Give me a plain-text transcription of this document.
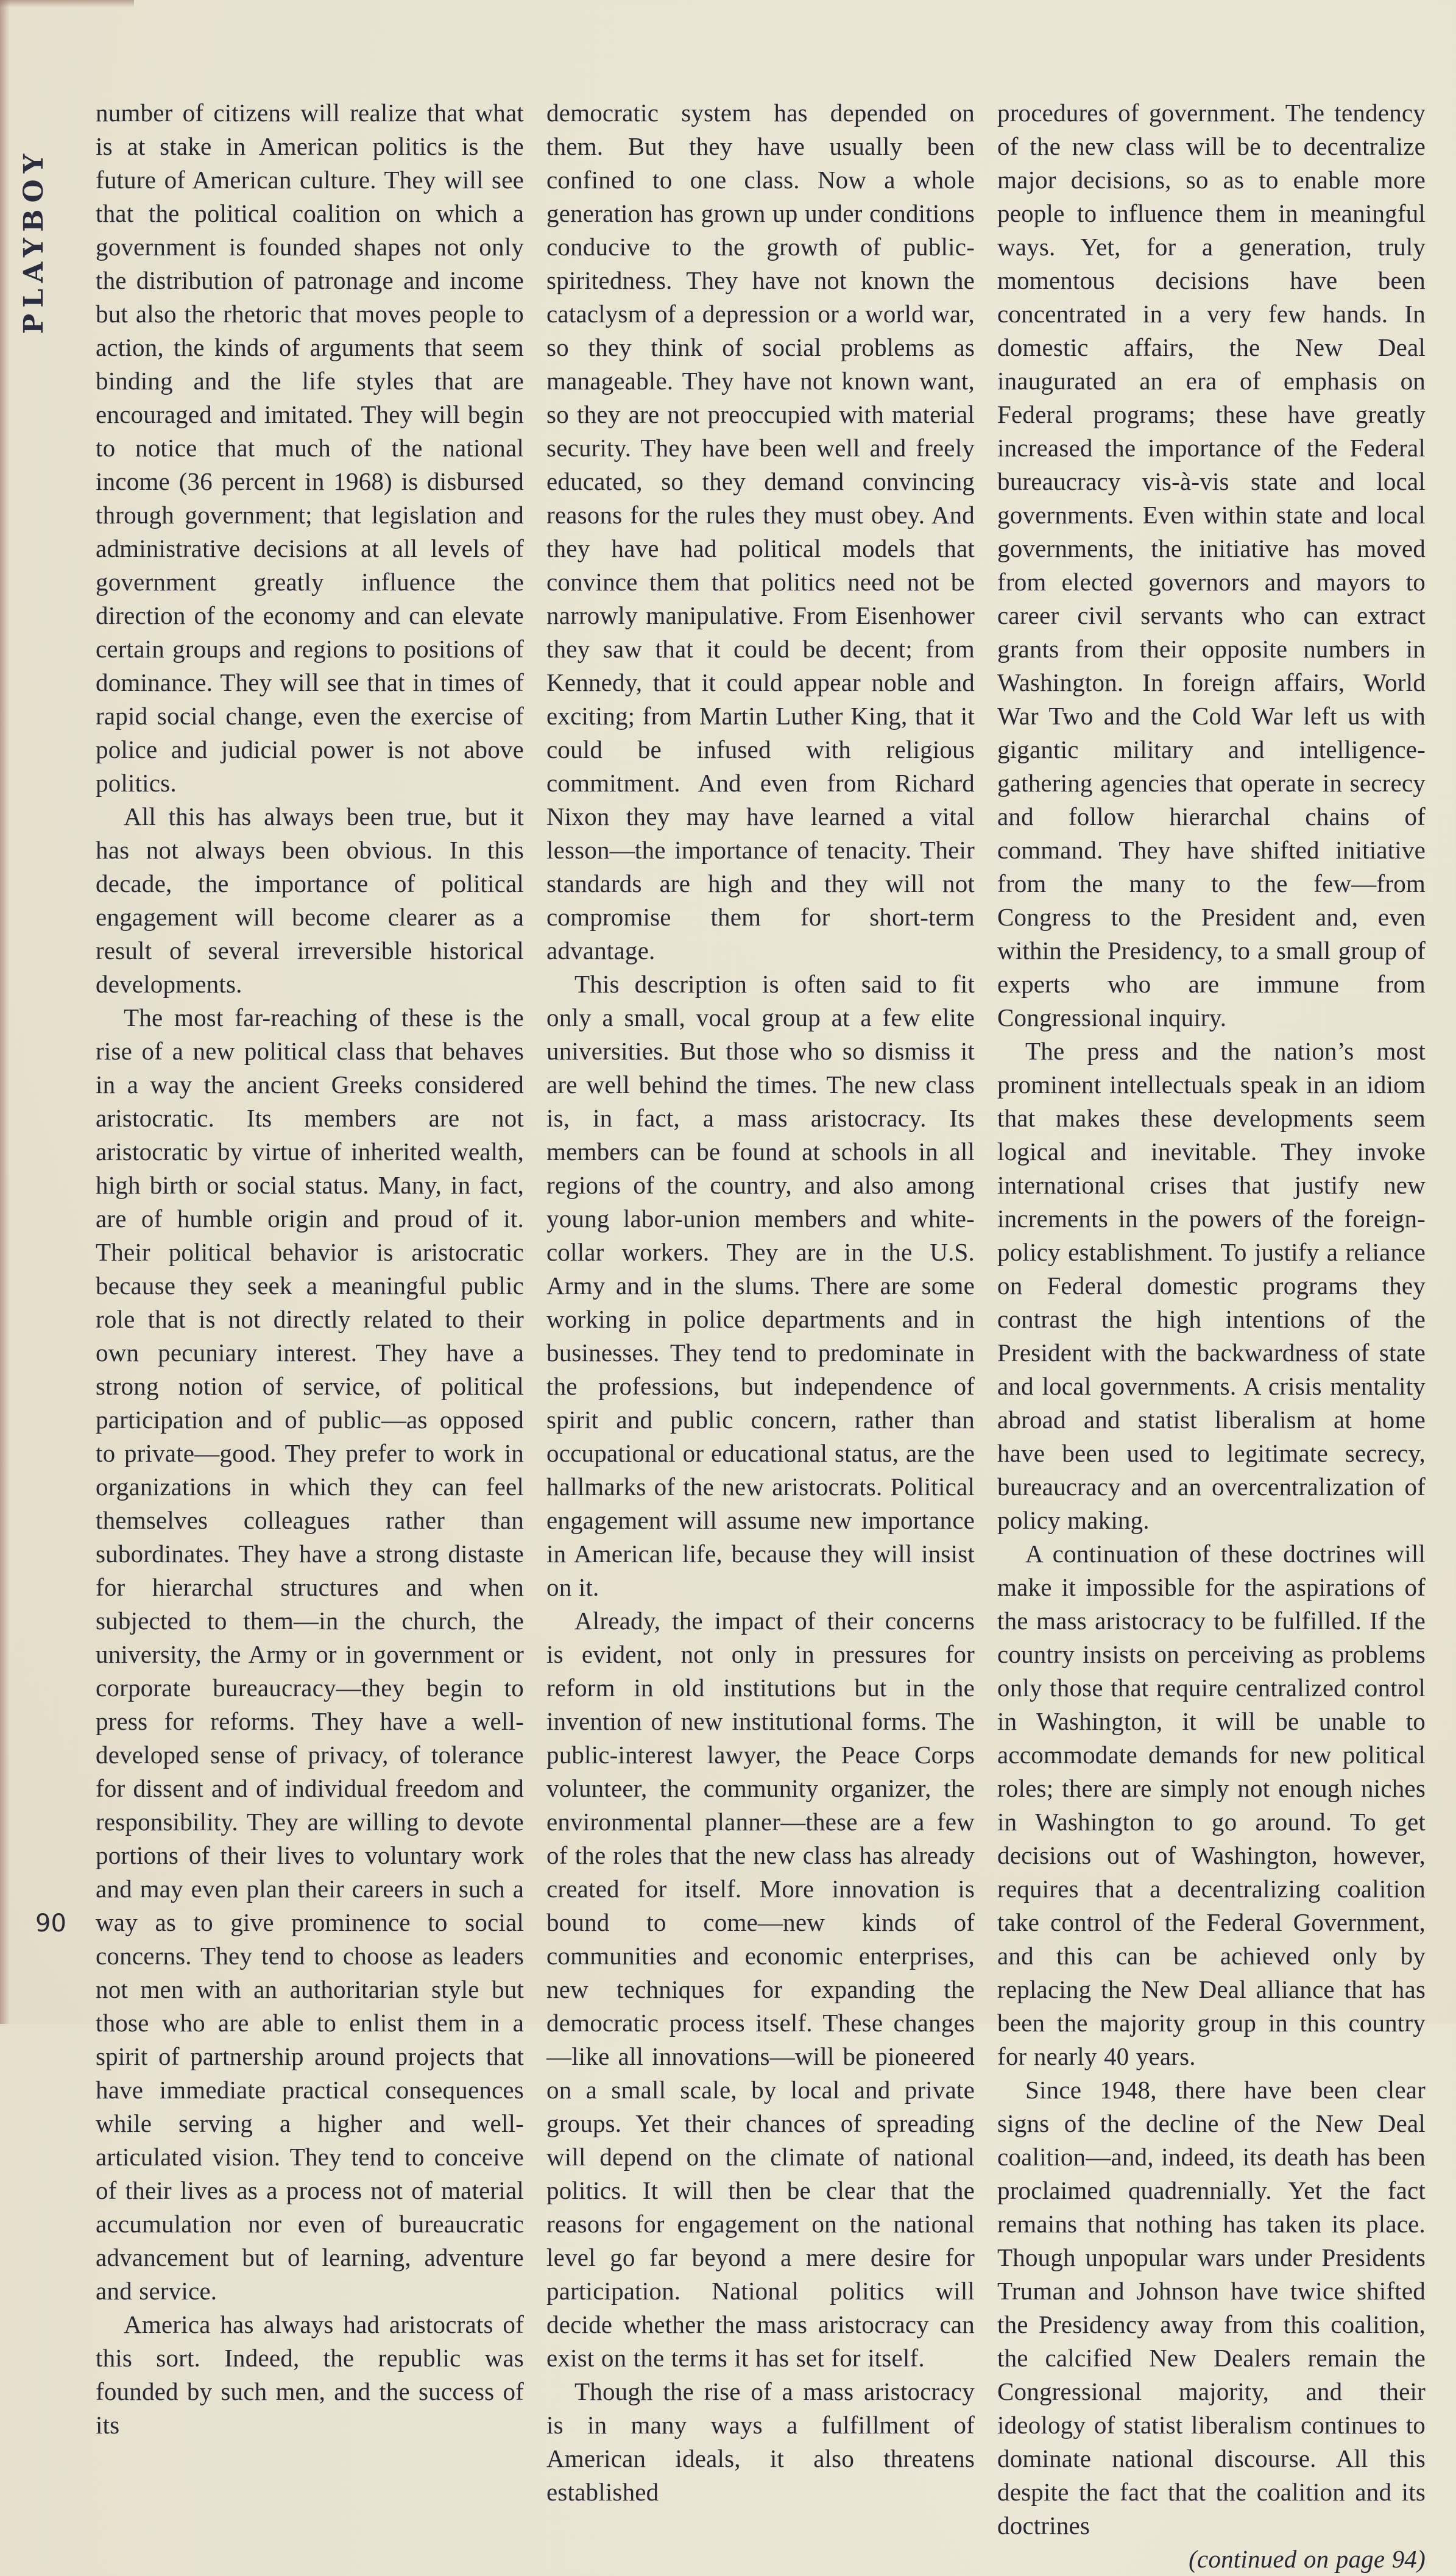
PLAYBOY
90

number of citizens will realize that what is at stake in American politics is the future of American culture. They will see that the political coalition on which a government is founded shapes not only the distribution of patronage and income but also the rhetoric that moves people to action, the kinds of arguments that seem binding and the life styles that are encouraged and imitated. They will begin to notice that much of the national income (36 percent in 1968) is disbursed through government; that legislation and administrative decisions at all levels of government greatly influence the direction of the economy and can elevate certain groups and regions to positions of dominance. They will see that in times of rapid social change, even the exercise of police and judicial power is not above politics.

All this has always been true, but it has not always been obvious. In this decade, the importance of political engagement will become clearer as a result of several irreversible historical developments.

The most far-reaching of these is the rise of a new political class that behaves in a way the ancient Greeks considered aristocratic. Its members are not aristocratic by virtue of inherited wealth, high birth or social status. Many, in fact, are of humble origin and proud of it. Their political behavior is aristocratic because they seek a meaningful public role that is not directly related to their own pecuniary interest. They have a strong notion of service, of political participation and of public—as opposed to private—good. They prefer to work in organizations in which they can feel themselves colleagues rather than subordinates. They have a strong distaste for hierarchal structures and when subjected to them—in the church, the university, the Army or in government or corporate bureaucracy—they begin to press for reforms. They have a well-developed sense of privacy, of tolerance for dissent and of individual freedom and responsibility. They are willing to devote portions of their lives to voluntary work and may even plan their careers in such a way as to give prominence to social concerns. They tend to choose as leaders not men with an authoritarian style but those who are able to enlist them in a spirit of partnership around projects that have immediate practical consequences while serving a higher and well-articulated vision. They tend to conceive of their lives as a process not of material accumulation nor even of bureaucratic advancement but of learning, adventure and service.

America has always had aristocrats of this sort. Indeed, the republic was founded by such men, and the success of its

democratic system has depended on them. But they have usually been confined to one class. Now a whole generation has grown up under conditions conducive to the growth of public-spiritedness. They have not known the cataclysm of a depression or a world war, so they think of social problems as manageable. They have not known want, so they are not preoccupied with material security. They have been well and freely educated, so they demand convincing reasons for the rules they must obey. And they have had political models that convince them that politics need not be narrowly manipulative. From Eisenhower they saw that it could be decent; from Kennedy, that it could appear noble and exciting; from Martin Luther King, that it could be infused with religious commitment. And even from Richard Nixon they may have learned a vital lesson—the importance of tenacity. Their standards are high and they will not compromise them for short-term advantage.

This description is often said to fit only a small, vocal group at a few elite universities. But those who so dismiss it are well behind the times. The new class is, in fact, a mass aristocracy. Its members can be found at schools in all regions of the country, and also among young labor-union members and white-collar workers. They are in the U.S. Army and in the slums. There are some working in police departments and in businesses. They tend to predominate in the professions, but independence of spirit and public concern, rather than occupational or educational status, are the hallmarks of the new aristocrats. Political engagement will assume new importance in American life, because they will insist on it.

Already, the impact of their concerns is evident, not only in pressures for reform in old institutions but in the invention of new institutional forms. The public-interest lawyer, the Peace Corps volunteer, the community organizer, the environmental planner—these are a few of the roles that the new class has already created for itself. More innovation is bound to come—new kinds of communities and economic enterprises, new techniques for expanding the democratic process itself. These changes—like all innovations—will be pioneered on a small scale, by local and private groups. Yet their chances of spreading will depend on the climate of national politics. It will then be clear that the reasons for engagement on the national level go far beyond a mere desire for participation. National politics will decide whether the mass aristocracy can exist on the terms it has set for itself.

Though the rise of a mass aristocracy is in many ways a fulfillment of American ideals, it also threatens established

procedures of government. The tendency of the new class will be to decentralize major decisions, so as to enable more people to influence them in meaningful ways. Yet, for a generation, truly momentous decisions have been concentrated in a very few hands. In domestic affairs, the New Deal inaugurated an era of emphasis on Federal programs; these have greatly increased the importance of the Federal bureaucracy vis-à-vis state and local governments. Even within state and local governments, the initiative has moved from elected governors and mayors to career civil servants who can extract grants from their opposite numbers in Washington. In foreign affairs, World War Two and the Cold War left us with gigantic military and intelligence-gathering agencies that operate in secrecy and follow hierarchal chains of command. They have shifted initiative from the many to the few—from Congress to the President and, even within the Presidency, to a small group of experts who are immune from Congressional inquiry.

The press and the nation’s most prominent intellectuals speak in an idiom that makes these developments seem logical and inevitable. They invoke international crises that justify new increments in the powers of the foreign-policy establishment. To justify a reliance on Federal domestic programs they contrast the high intentions of the President with the backwardness of state and local governments. A crisis mentality abroad and statist liberalism at home have been used to legitimate secrecy, bureaucracy and an overcentralization of policy making.

A continuation of these doctrines will make it impossible for the aspirations of the mass aristocracy to be fulfilled. If the country insists on perceiving as problems only those that require centralized control in Washington, it will be unable to accommodate demands for new political roles; there are simply not enough niches in Washington to go around. To get decisions out of Washington, however, requires that a decentralizing coalition take control of the Federal Government, and this can be achieved only by replacing the New Deal alliance that has been the majority group in this country for nearly 40 years.

Since 1948, there have been clear signs of the decline of the New Deal coalition—and, indeed, its death has been proclaimed quadrennially. Yet the fact remains that nothing has taken its place. Though unpopular wars under Presidents Truman and Johnson have twice shifted the Presidency away from this coalition, the calcified New Dealers remain the Congressional majority, and their ideology of statist liberalism continues to dominate national discourse. All this despite the fact that the coalition and its doctrines

(continued on page 94)
